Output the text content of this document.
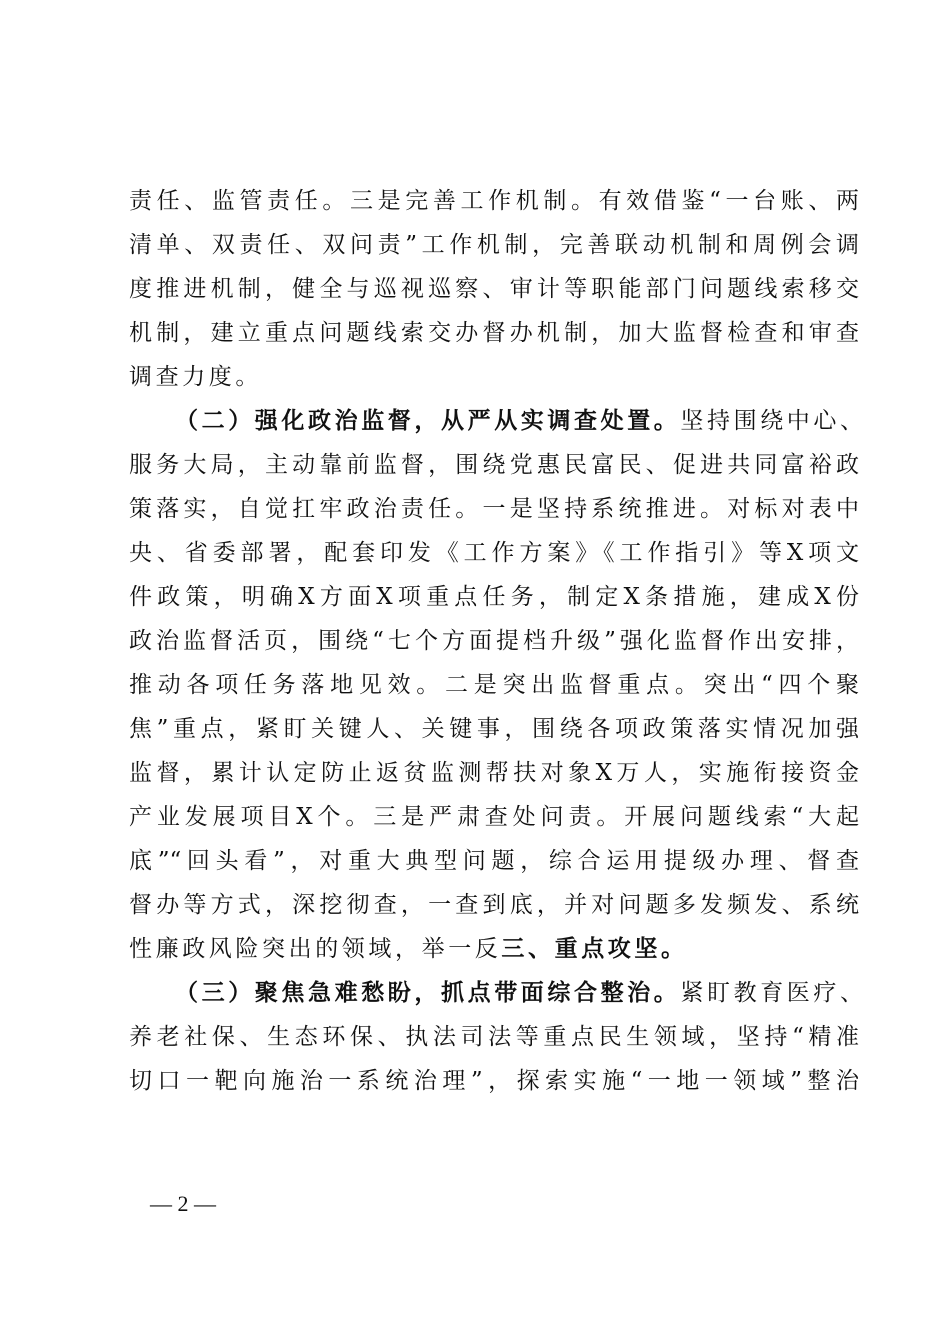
责任、监管责任。三是完善工作机制。有效借鉴“一台账、两
清单、双责任、双问责”工作机制，完善联动机制和周例会调
度推进机制，健全与巡视巡察、审计等职能部门问题线索移交
机制，建立重点问题线索交办督办机制，加大监督检查和审查
调查力度。
（二）强化政治监督，从严从实调查处置。坚持围绕中心、
服务大局，主动靠前监督，围绕党惠民富民、促进共同富裕政
策落实，自觉扛牢政治责任。一是坚持系统推进。对标对表中
央、省委部署，配套印发《工作方案》《工作指引》等X项文
件政策，明确X方面X项重点任务，制定X条措施，建成X份
政治监督活页，围绕“七个方面提档升级”强化监督作出安排，
推动各项任务落地见效。二是突出监督重点。突出“四个聚
焦”重点，紧盯关键人、关键事，围绕各项政策落实情况加强
监督，累计认定防止返贫监测帮扶对象X万人，实施衔接资金
产业发展项目X个。三是严肃查处问责。开展问题线索“大起
底”“回头看”，对重大典型问题，综合运用提级办理、督查
督办等方式，深挖彻查，一查到底，并对问题多发频发、系统
性廉政风险突出的领域，举一反三、重点攻坚。
（三）聚焦急难愁盼，抓点带面综合整治。紧盯教育医疗、
养老社保、生态环保、执法司法等重点民生领域，坚持“精准
切口一靶向施治一系统治理”，探索实施“一地一领域”整治
— 2 —
